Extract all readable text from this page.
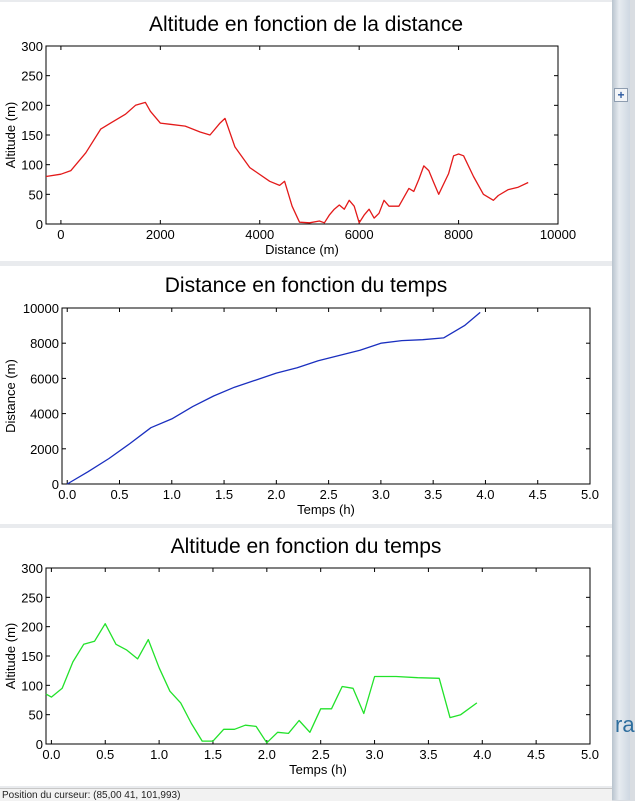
Altitude en fonction de la distance
0	2000	4000	6000	8000	10000
0
50
100
150
200
250
300
Distance (m)
Altitude (m)
Distance en fonction du temps
0.0	0.5	1.0	1.5	2.0	2.5	3.0	3.5	4.0	4.5	5.0
0
2000
4000
6000
8000
10000
Temps (h)
Distance (m)
Altitude en fonction du temps
0.0	0.5	1.0	1.5	2.0	2.5	3.0	3.5	4.0	4.5	5.0
0
50
100
150
200
250
300
Temps (h)
Altitude (m)
+
ra
Position du curseur: (85,00 41, 101,993)
